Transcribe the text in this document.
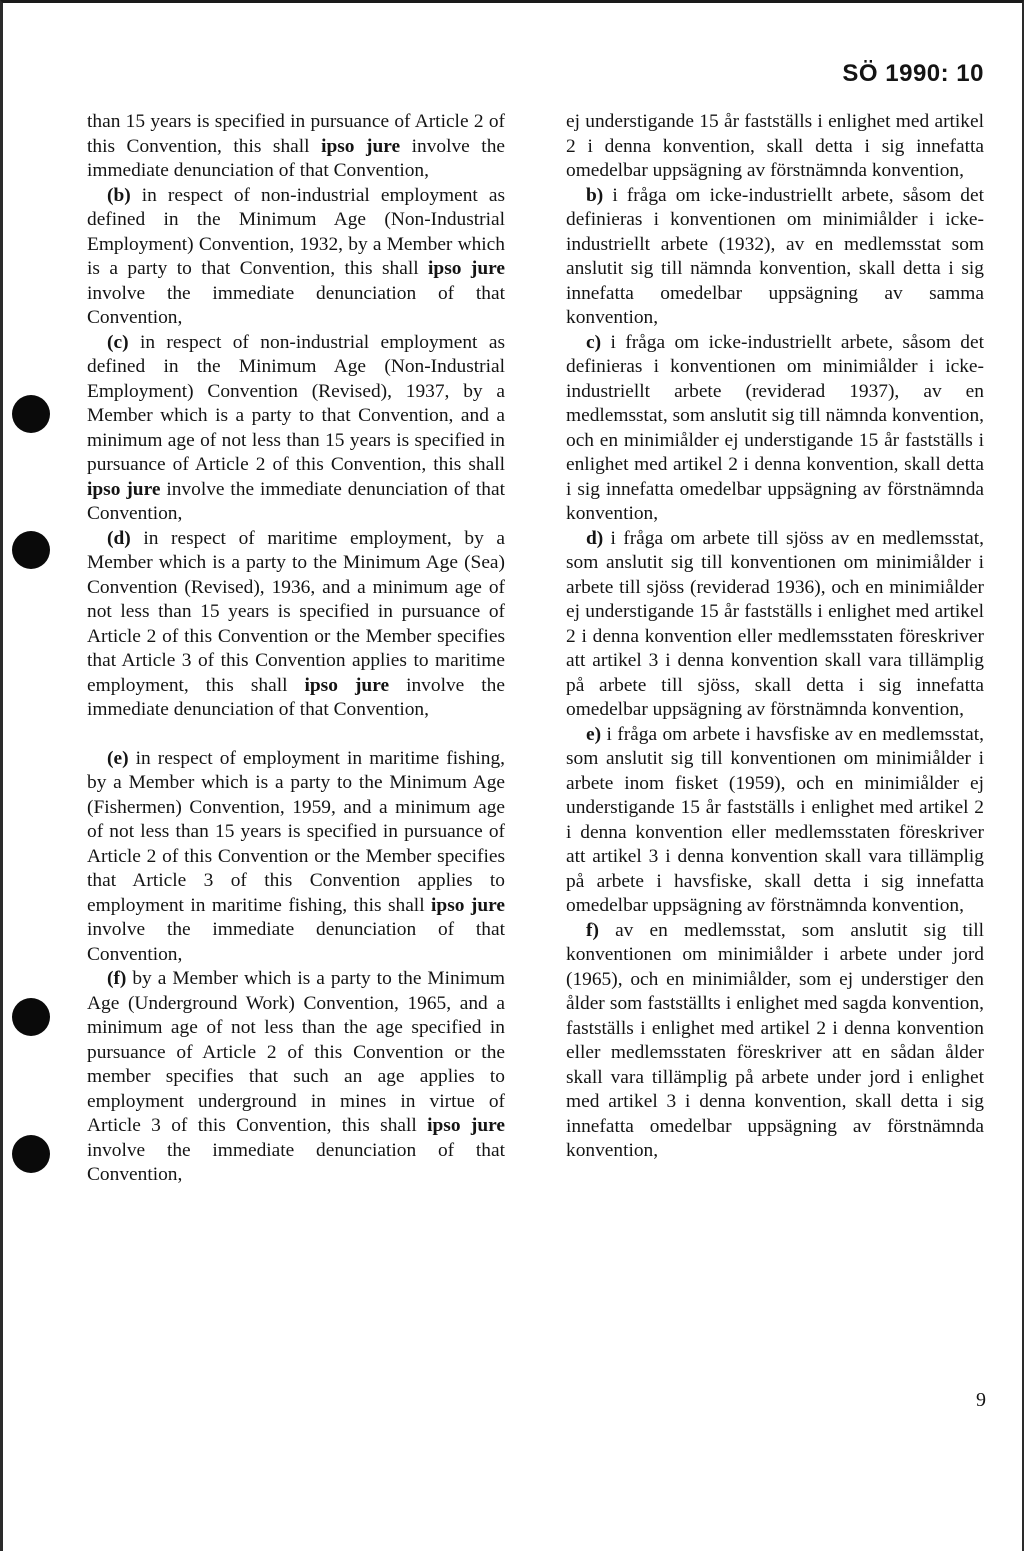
SÖ 1990: 10

than 15 years is specified in pursuance of Article 2 of this Convention, this shall ipso jure involve the immediate denunciation of that Convention,

(b) in respect of non-industrial employment as defined in the Minimum Age (Non-Industrial Employment) Convention, 1932, by a Member which is a party to that Convention, this shall ipso jure involve the immediate denunciation of that Convention,

(c) in respect of non-industrial employment as defined in the Minimum Age (Non-Industrial Employment) Convention (Revised), 1937, by a Member which is a party to that Convention, and a minimum age of not less than 15 years is specified in pursuance of Article 2 of this Convention, this shall ipso jure involve the immediate denunciation of that Convention,

(d) in respect of maritime employment, by a Member which is a party to the Minimum Age (Sea) Convention (Revised), 1936, and a minimum age of not less than 15 years is specified in pursuance of Article 2 of this Convention or the Member specifies that Article 3 of this Convention applies to maritime employment, this shall ipso jure involve the immediate denunciation of that Convention,

(e) in respect of employment in maritime fishing, by a Member which is a party to the Minimum Age (Fishermen) Convention, 1959, and a minimum age of not less than 15 years is specified in pursuance of Article 2 of this Convention or the Member specifies that Article 3 of this Convention applies to employment in maritime fishing, this shall ipso jure involve the immediate denunciation of that Convention,

(f) by a Member which is a party to the Minimum Age (Underground Work) Convention, 1965, and a minimum age of not less than the age specified in pursuance of Article 2 of this Convention or the member specifies that such an age applies to employment underground in mines in virtue of Article 3 of this Convention, this shall ipso jure involve the immediate denunciation of that Convention,

ej understigande 15 år fastställs i enlighet med artikel 2 i denna konvention, skall detta i sig innefatta omedelbar uppsägning av förstnämnda konvention,

b) i fråga om icke-industriellt arbete, såsom det definieras i konventionen om minimiålder i icke-industriellt arbete (1932), av en medlemsstat som anslutit sig till nämnda konvention, skall detta i sig innefatta omedelbar uppsägning av samma konvention,

c) i fråga om icke-industriellt arbete, såsom det definieras i konventionen om minimiålder i icke-industriellt arbete (reviderad 1937), av en medlemsstat, som anslutit sig till nämnda konvention, och en minimiålder ej understigande 15 år fastställs i enlighet med artikel 2 i denna konvention, skall detta i sig innefatta omedelbar uppsägning av förstnämnda konvention,

d) i fråga om arbete till sjöss av en medlemsstat, som anslutit sig till konventionen om minimiålder i arbete till sjöss (reviderad 1936), och en minimiålder ej understigande 15 år fastställs i enlighet med artikel 2 i denna konvention eller medlemsstaten föreskriver att artikel 3 i denna konvention skall vara tillämplig på arbete till sjöss, skall detta i sig innefatta omedelbar uppsägning av förstnämnda konvention,

e) i fråga om arbete i havsfiske av en medlemsstat, som anslutit sig till konventionen om minimiålder i arbete inom fisket (1959), och en minimiålder ej understigande 15 år fastställs i enlighet med artikel 2 i denna konvention eller medlemsstaten föreskriver att artikel 3 i denna konvention skall vara tillämplig på arbete i havsfiske, skall detta i sig innefatta omedelbar uppsägning av förstnämnda konvention,

f) av en medlemsstat, som anslutit sig till konventionen om minimiålder i arbete under jord (1965), och en minimiålder, som ej understiger den ålder som fastställts i enlighet med sagda konvention, fastställs i enlighet med artikel 2 i denna konvention eller medlemsstaten föreskriver att en sådan ålder skall vara tillämplig på arbete under jord i enlighet med artikel 3 i denna konvention, skall detta i sig innefatta omedelbar uppsägning av förstnämnda konvention,

9
